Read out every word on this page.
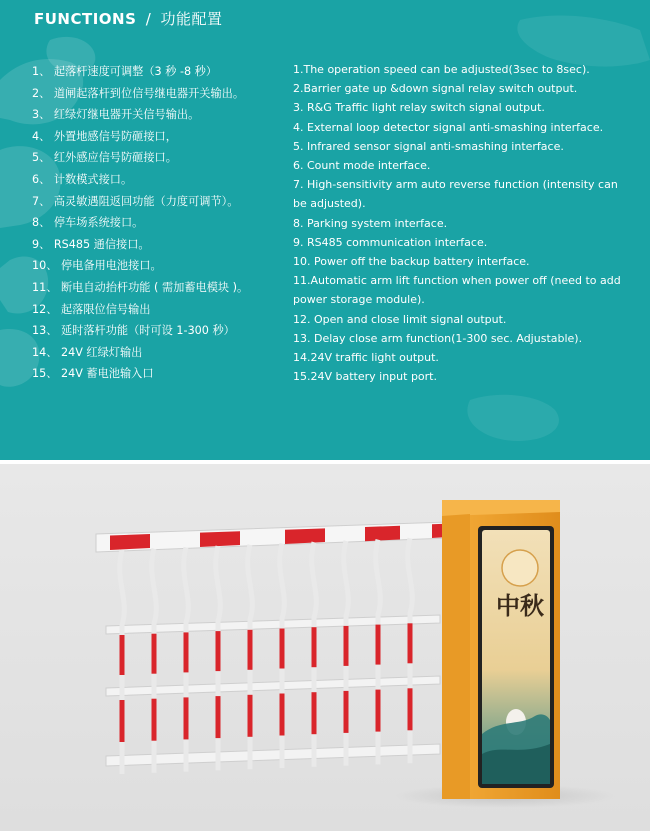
FUNCTIONS / 功能配置
1、 起落杆速度可调整（3 秒 -8 秒）
2、 道闸起落杆到位信号继电器开关输出。
3、 红绿灯继电器开关信号输出。
4、 外置地感信号防砸接口，
5、 红外感应信号防砸接口。
6、 计数模式接口。
7、 高灵敏遇阻返回功能（力度可调节）。
8、 停车场系统接口。
9、 RS485 通信接口。
10、 停电备用电池接口。
11、 断电自动抬杆功能 ( 需加蓄电模块 )。
12、 起落限位信号输出
13、 延时落杆功能（时可设 1-300 秒）
14、 24V 红绿灯输出
15、 24V 蓄电池输入口
1.The operation speed can be adjusted(3sec to 8sec).
2.Barrier gate up &down signal relay switch output.
3. R&G Traffic light relay switch signal output.
4. External loop detector signal anti-smashing interface.
5. Infrared sensor signal anti-smashing interface.
6. Count mode interface.
7. High-sensitivity arm auto reverse function (intensity can be adjusted).
8. Parking system interface.
9. RS485 communication interface.
10. Power off the backup battery interface.
11.Automatic arm lift function when power off (need to add power storage module).
12. Open and close limit signal output.
13. Delay close arm function(1-300 sec. Adjustable).
14.24V traffic light output.
15.24V battery input port.
中秋
